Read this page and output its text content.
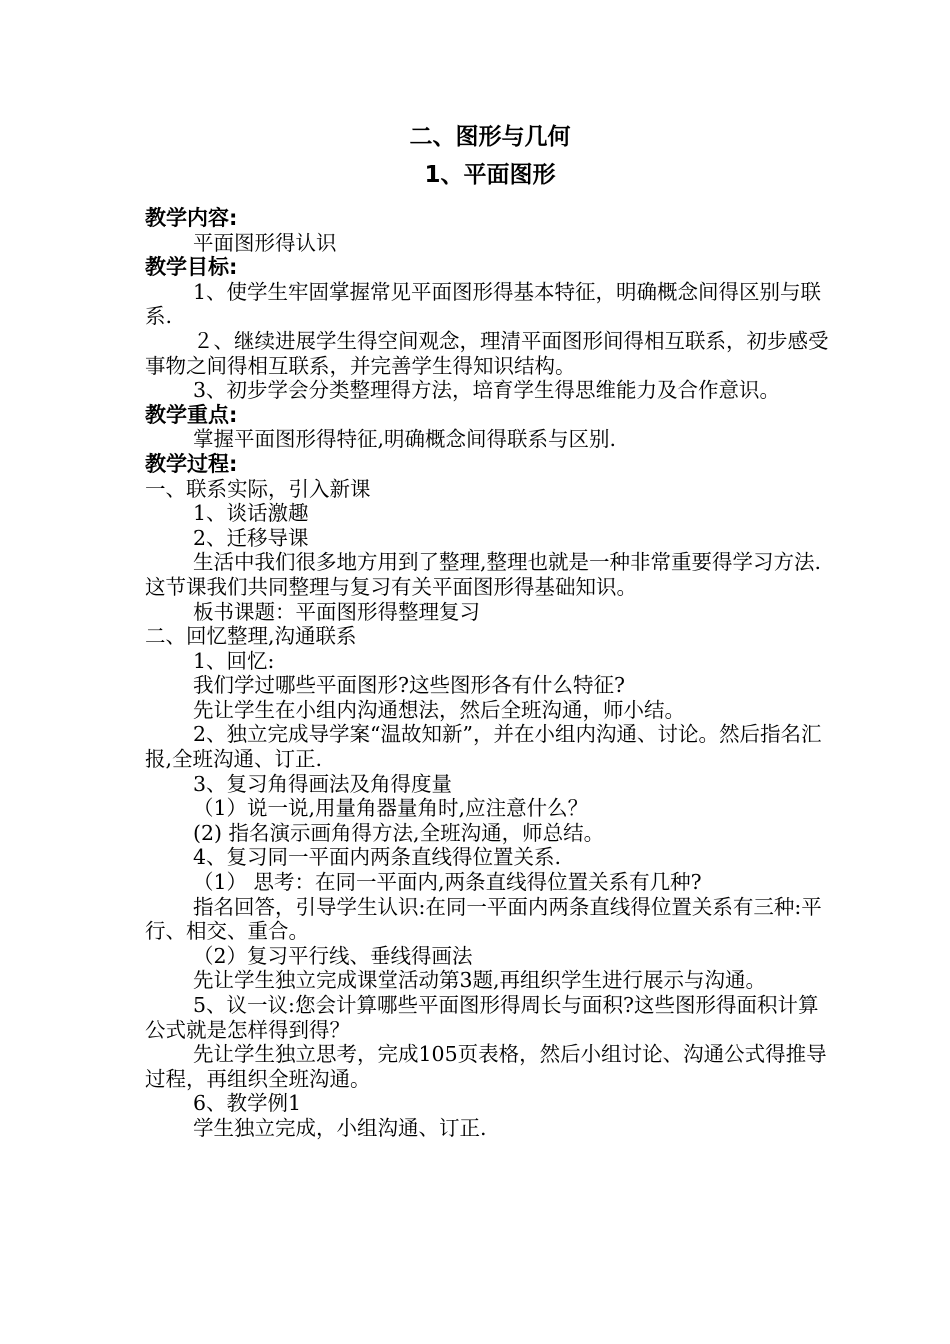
二、图形与几何
1、平面图形
教学内容:
平面图形得认识
教学目标:
1、使学生牢固掌握常见平面图形得基本特征，明确概念间得区别与联系.
２、继续进展学生得空间观念，理清平面图形间得相互联系，初步感受事物之间得相互联系，并完善学生得知识结构。
3、初步学会分类整理得方法，培育学生得思维能力及合作意识。
教学重点:
掌握平面图形得特征,明确概念间得联系与区别.
教学过程:
一、联系实际，引入新课
1、谈话激趣
2、迁移导课
生活中我们很多地方用到了整理,整理也就是一种非常重要得学习方法.这节课我们共同整理与复习有关平面图形得基础知识。
板书课题：平面图形得整理复习
二、回忆整理,沟通联系
1、回忆:
我们学过哪些平面图形?这些图形各有什么特征?
先让学生在小组内沟通想法，然后全班沟通，师小结。
2、独立完成导学案“温故知新”，并在小组内沟通、讨论。然后指名汇报,全班沟通、订正.
3、复习角得画法及角得度量
（1）说一说,用量角器量角时,应注意什么？
(2) 指名演示画角得方法,全班沟通，师总结。
4、复习同一平面内两条直线得位置关系.
（1） 思考：在同一平面内,两条直线得位置关系有几种?
指名回答，引导学生认识:在同一平面内两条直线得位置关系有三种:平行、相交、重合。
（2）复习平行线、垂线得画法
先让学生独立完成课堂活动第3题,再组织学生进行展示与沟通。
5、议一议:您会计算哪些平面图形得周长与面积?这些图形得面积计算公式就是怎样得到得？
先让学生独立思考，完成105页表格，然后小组讨论、沟通公式得推导过程，再组织全班沟通。
6、教学例1
学生独立完成，小组沟通、订正.
